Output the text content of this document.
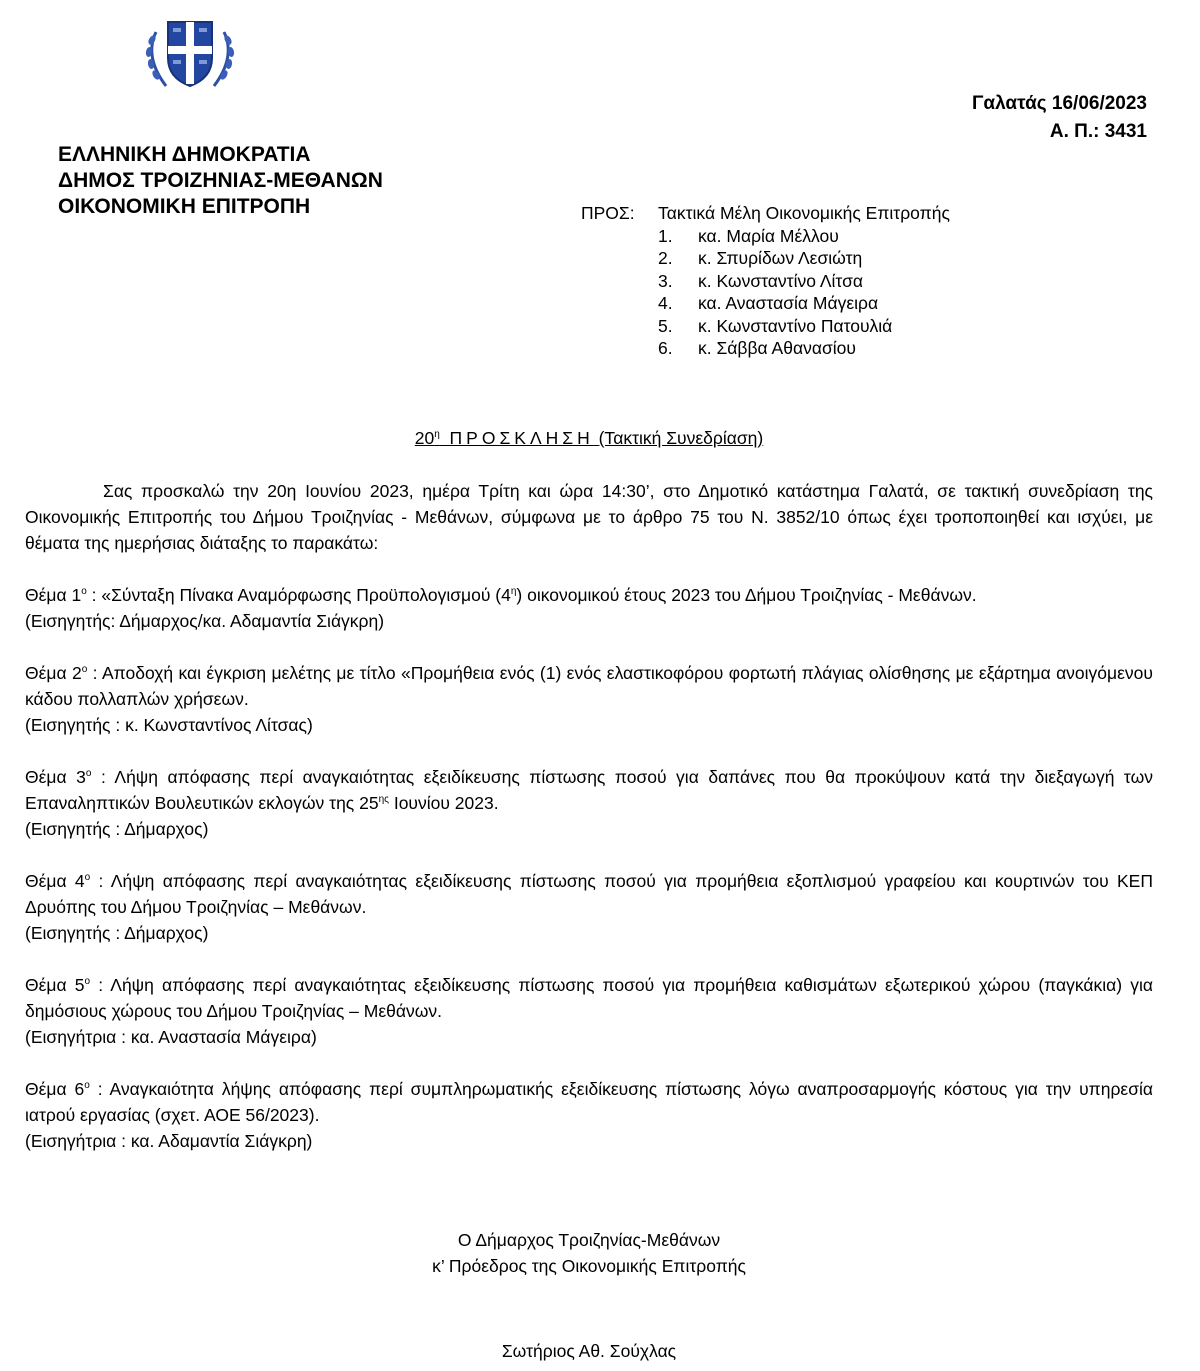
ΕΛΛΗΝΙΚΗ ΔΗΜΟΚΡΑΤΙΑ
ΔΗΜΟΣ ΤΡΟΙΖΗΝΙΑΣ-ΜΕΘΑΝΩΝ
ΟΙΚΟΝΟΜΙΚΗ ΕΠΙΤΡΟΠΗ
Γαλατάς 16/06/2023
Α. Π.: 3431
ΠΡΟΣ: Τακτικά Μέλη Οικονομικής Επιτροπής
1. κα. Μαρία Μέλλου
2. κ. Σπυρίδων Λεσιώτη
3. κ. Κωνσταντίνο Λίτσα
4. κα. Αναστασία Μάγειρα
5. κ. Κωνσταντίνο Πατουλιά
6. κ. Σάββα Αθανασίου
$20^\eta$ ΠΡΟΣΚΛΗΣΗ (Τακτική Συνεδρίαση)

Σας προσκαλώ την 20η Ιουνίου 2023, ημέρα Τρίτη και ώρα 14:30’, στο Δημοτικό κατάστημα Γαλατά, σε τακτική συνεδρίαση της Οικονομικής Επιτροπής του Δήμου Τροιζηνίας - Μεθάνων, σύμφωνα με το άρθρο 75 του Ν. 3852/10 όπως έχει τροποποιηθεί και ισχύει, με θέματα της ημερήσιας διάταξης το παρακάτω:

Θέμα $1^o$ : «Σύνταξη Πίνακα Αναμόρφωσης Προϋπολογισμού $(4^\eta)$ οικονομικού έτους 2023 του Δήμου Τροιζηνίας - Μεθάνων.

(Εισηγητής: Δήμαρχος/κα. Αδαμαντία Σιάγκρη)

Θέμα $2^o$ : Αποδοχή και έγκριση μελέτης με τίτλο «Προμήθεια ενός (1) ενός ελαστικοφόρου φορτωτή πλάγιας ολίσθησης με εξάρτημα ανοιγόμενου κάδου πολλαπλών χρήσεων.

(Εισηγητής : κ. Κωνσταντίνος Λίτσας)

Θέμα $3^o$ : Λήψη απόφασης περί αναγκαιότητας εξειδίκευσης πίστωσης ποσού για δαπάνες που θα προκύψουν κατά την διεξαγωγή των Επαναληπτικών Βουλευτικών εκλογών της $25^{\eta\varsigma}$ Ιουνίου 2023.

(Εισηγητής : Δήμαρχος)

Θέμα $4^o$ : Λήψη απόφασης περί αναγκαιότητας εξειδίκευσης πίστωσης ποσού για προμήθεια εξοπλισμού γραφείου και κουρτινών του ΚΕΠ Δρυόπης του Δήμου Τροιζηνίας – Μεθάνων.

(Εισηγητής : Δήμαρχος)

Θέμα $5^o$ : Λήψη απόφασης περί αναγκαιότητας εξειδίκευσης πίστωσης ποσού για προμήθεια καθισμάτων εξωτερικού χώρου (παγκάκια) για δημόσιους χώρους του Δήμου Τροιζηνίας – Μεθάνων.

(Εισηγήτρια : κα. Αναστασία Μάγειρα)

Θέμα $6^o$ : Αναγκαιότητα λήψης απόφασης περί συμπληρωματικής εξειδίκευσης πίστωσης λόγω αναπροσαρμογής κόστους για την υπηρεσία ιατρού εργασίας (σχετ. ΑΟΕ 56/2023).

(Εισηγήτρια : κα. Αδαμαντία Σιάγκρη)

Ο Δήμαρχος Τροιζηνίας-Μεθάνων
κ’ Πρόεδρος της Οικονομικής Επιτροπής
Σωτήριος Αθ. Σούχλας
